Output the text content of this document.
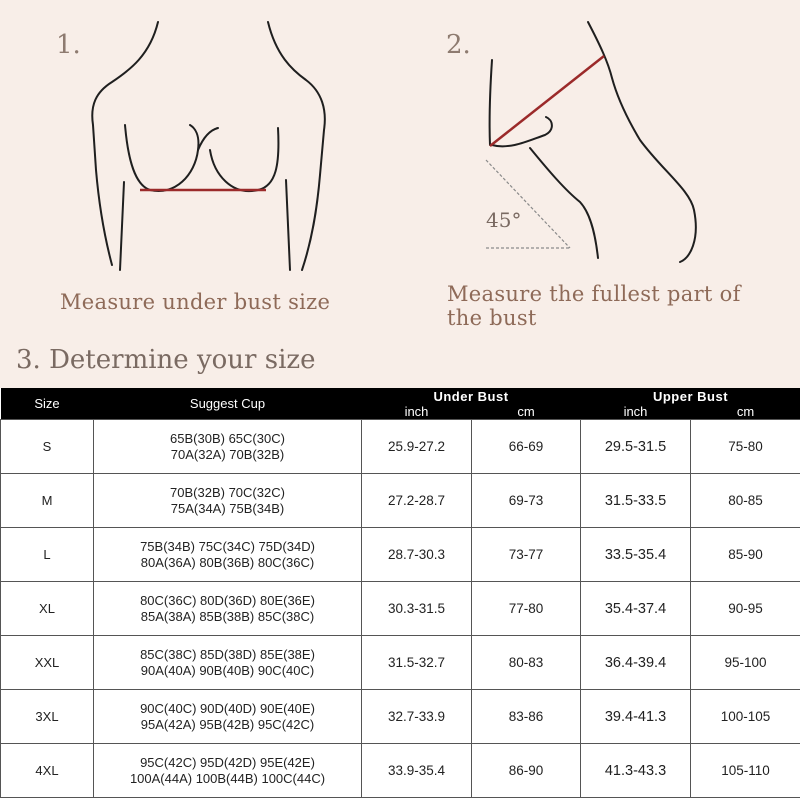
1.
Measure under bust size
2.
45°
Measure the fullest part of
the bust
3. Determine your size
Size	Suggest Cup	Under Bust		Upper Bust	
		inch	cm	inch	cm
S	65B(30B) 65C(30C)
70A(32A) 70B(32B)	25.9-27.2	66-69	29.5-31.5	75-80
M	70B(32B) 70C(32C)
75A(34A) 75B(34B)	27.2-28.7	69-73	31.5-33.5	80-85
L	75B(34B) 75C(34C) 75D(34D)
80A(36A) 80B(36B) 80C(36C)	28.7-30.3	73-77	33.5-35.4	85-90
XL	80C(36C) 80D(36D) 80E(36E)
85A(38A) 85B(38B) 85C(38C)	30.3-31.5	77-80	35.4-37.4	90-95
XXL	85C(38C) 85D(38D) 85E(38E)
90A(40A) 90B(40B) 90C(40C)	31.5-32.7	80-83	36.4-39.4	95-100
3XL	90C(40C) 90D(40D) 90E(40E)
95A(42A) 95B(42B) 95C(42C)	32.7-33.9	83-86	39.4-41.3	100-105
4XL	95C(42C) 95D(42D) 95E(42E)
100A(44A) 100B(44B) 100C(44C)	33.9-35.4	86-90	41.3-43.3	105-110
